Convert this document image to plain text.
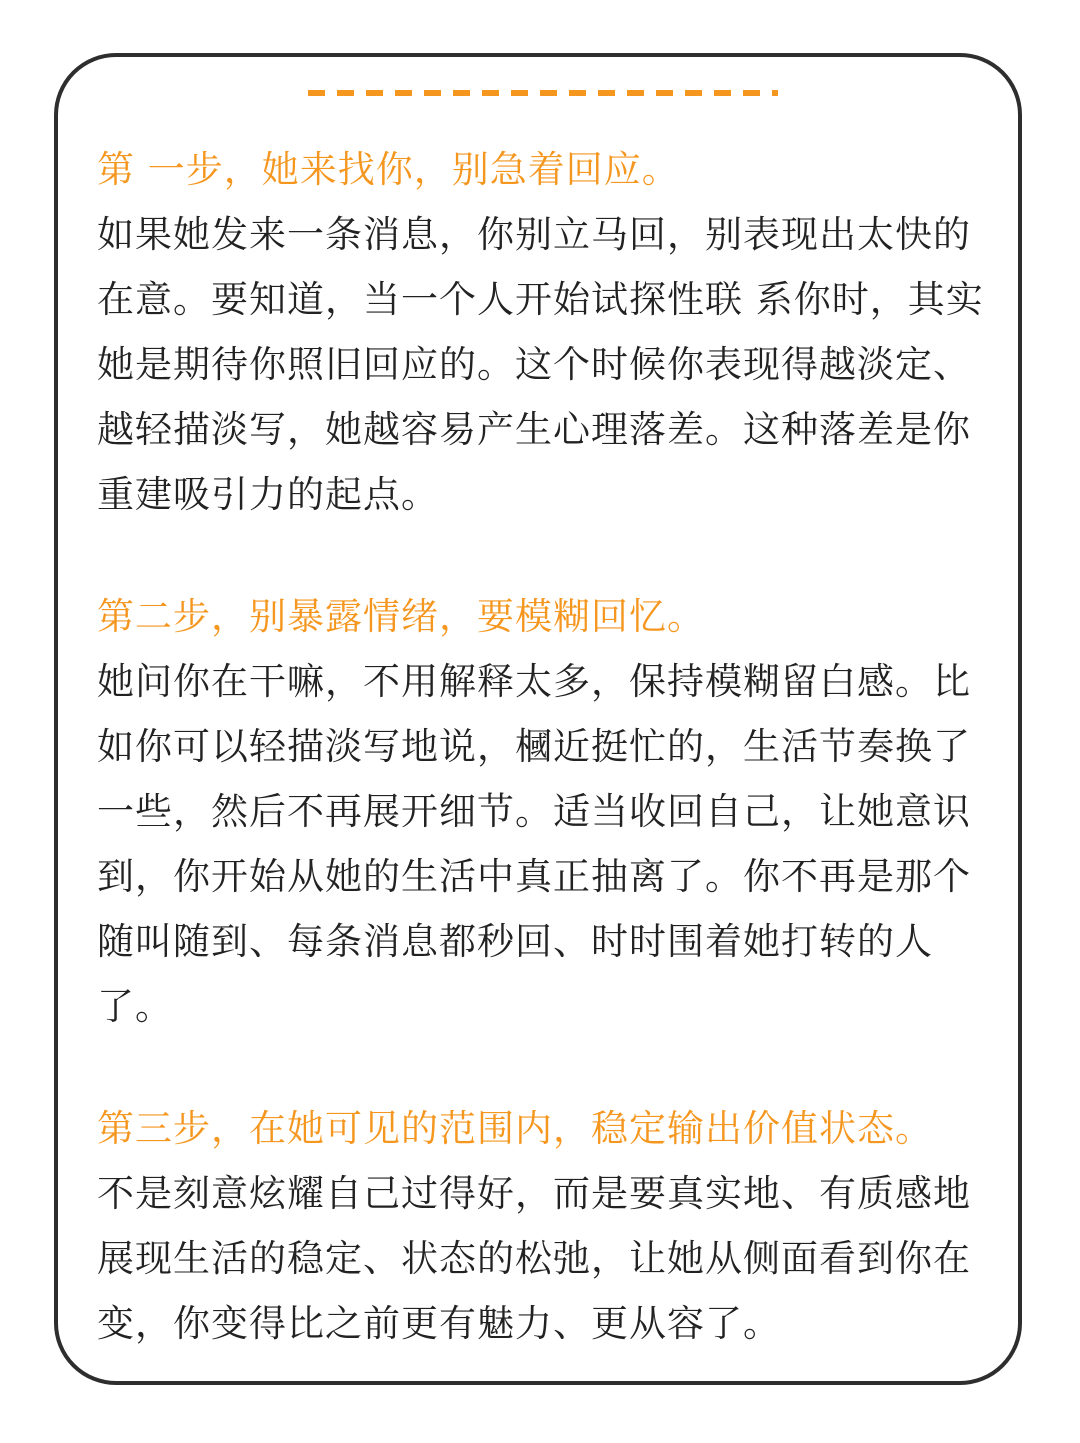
第 一步，她来找你，别急着回应。

如果她发来一条消息，你别立马回，别表现出太快的
在意。要知道，当一个人开始试探性联 系你时，其实
她是期待你照旧回应的。这个时候你表现得越淡定、
越轻描淡写，她越容易产生心理落差。这种落差是你
重建吸引力的起点。

第二步，别暴露情绪，要模糊回忆。

她问你在干嘛，不用解释太多，保持模糊留白感。比
如你可以轻描淡写地说，槶近挺忙的，生活节奏换了
一些，然后不再展开细节。适当收回自己，让她意识
到，你开始从她的生活中真正抽离了。你不再是那个
随叫随到、每条消息都秒回、时时围着她打转的人
了。

第三步，在她可见的范围内，稳定输出价值状态。

不是刻意炫耀自己过得好，而是要真实地、有质感地
展现生活的稳定、状态的松弛，让她从侧面看到你在
变，你变得比之前更有魅力、更从容了。
